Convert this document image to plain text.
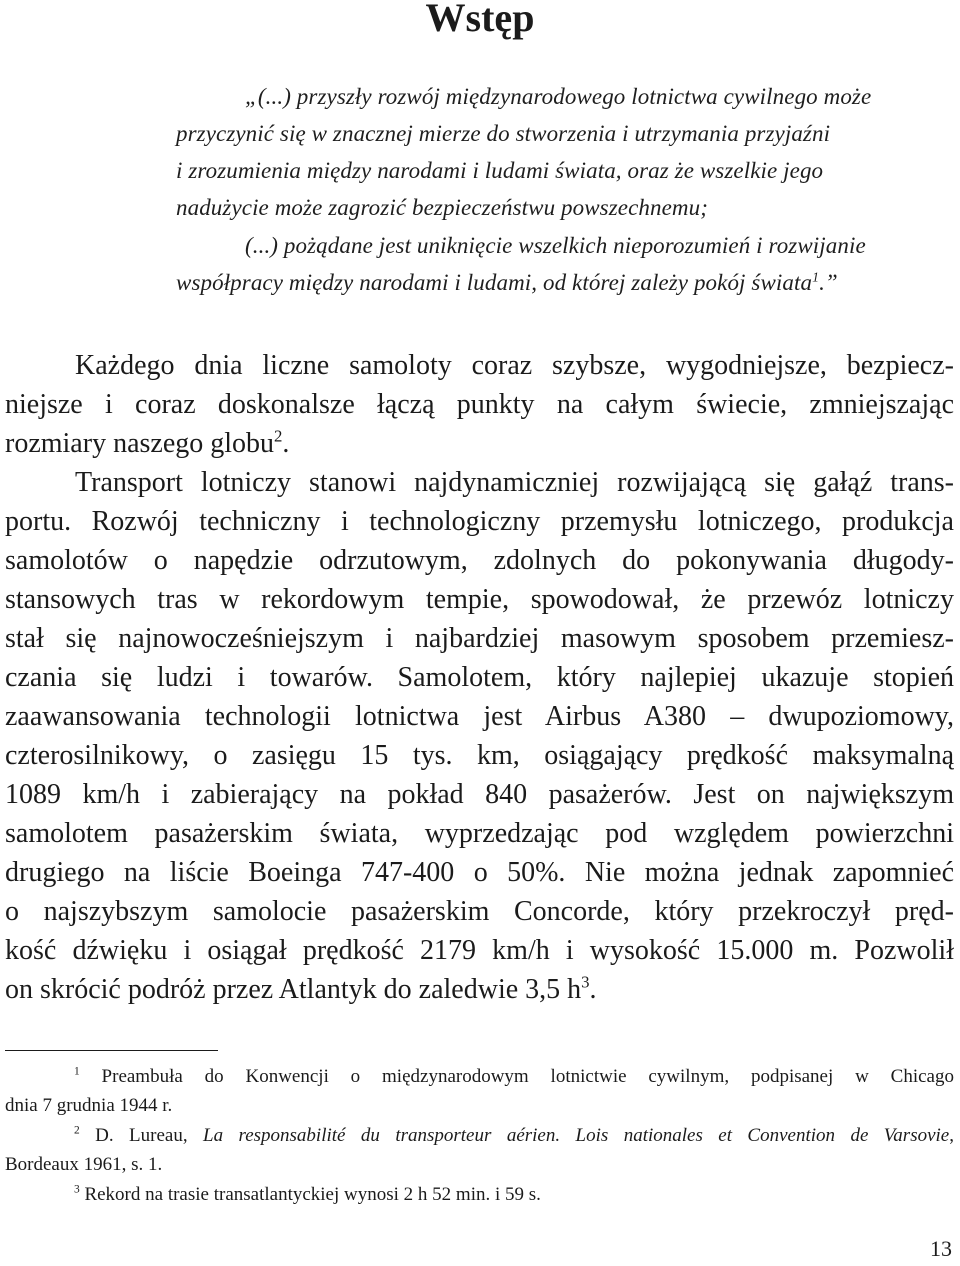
Wstęp
„(...) przyszły rozwój międzynarodowego lotnictwa cywilnego może
przyczynić się w znacznej mierze do stworzenia i utrzymania przyjaźni
i zrozumienia między narodami i ludami świata, oraz że wszelkie jego
nadużycie może zagrozić bezpieczeństwu powszechnemu;
(...) pożądane jest uniknięcie wszelkich nieporozumień i rozwijanie
współpracy między narodami i ludami, od której zależy pokój świata$^1$.”
Każdego dnia liczne samoloty coraz szybsze, wygodniejsze, bezpiecz-
niejsze i coraz doskonalsze łączą punkty na całym świecie, zmniejszając
rozmiary naszego globu$^2$.
Transport lotniczy stanowi najdynamiczniej rozwijającą się gałąź trans-
portu. Rozwój techniczny i technologiczny przemysłu lotniczego, produkcja
samolotów o napędzie odrzutowym, zdolnych do pokonywania długody-
stansowych tras w rekordowym tempie, spowodował, że przewóz lotniczy
stał się najnowocześniejszym i najbardziej masowym sposobem przemiesz-
czania się ludzi i towarów. Samolotem, który najlepiej ukazuje stopień
zaawansowania technologii lotnictwa jest Airbus A380 – dwupoziomowy,
czterosilnikowy, o zasięgu 15 tys. km, osiągający prędkość maksymalną
1089 km/h i zabierający na pokład 840 pasażerów. Jest on największym
samolotem pasażerskim świata, wyprzedzając pod względem powierzchni
drugiego na liście Boeinga 747-400 o 50%. Nie można jednak zapomnieć
o najszybszym samolocie pasażerskim Concorde, który przekroczył pręd-
kość dźwięku i osiągał prędkość 2179 km/h i wysokość 15.000 m. Pozwolił
on skrócić podróż przez Atlantyk do zaledwie 3,5 $h^3$.
$^1$ Preambuła do Konwencji o międzynarodowym lotnictwie cywilnym, podpisanej w Chicago
dnia 7 grudnia 1944 r.
$^2$ D. Lureau, La responsabilité du transporteur aérien. Lois nationales et Convention de Varsovie,
Bordeaux 1961, s. 1.
$^3$ Rekord na trasie transatlantyckiej wynosi 2 h 52 min. i 59 s.
13
